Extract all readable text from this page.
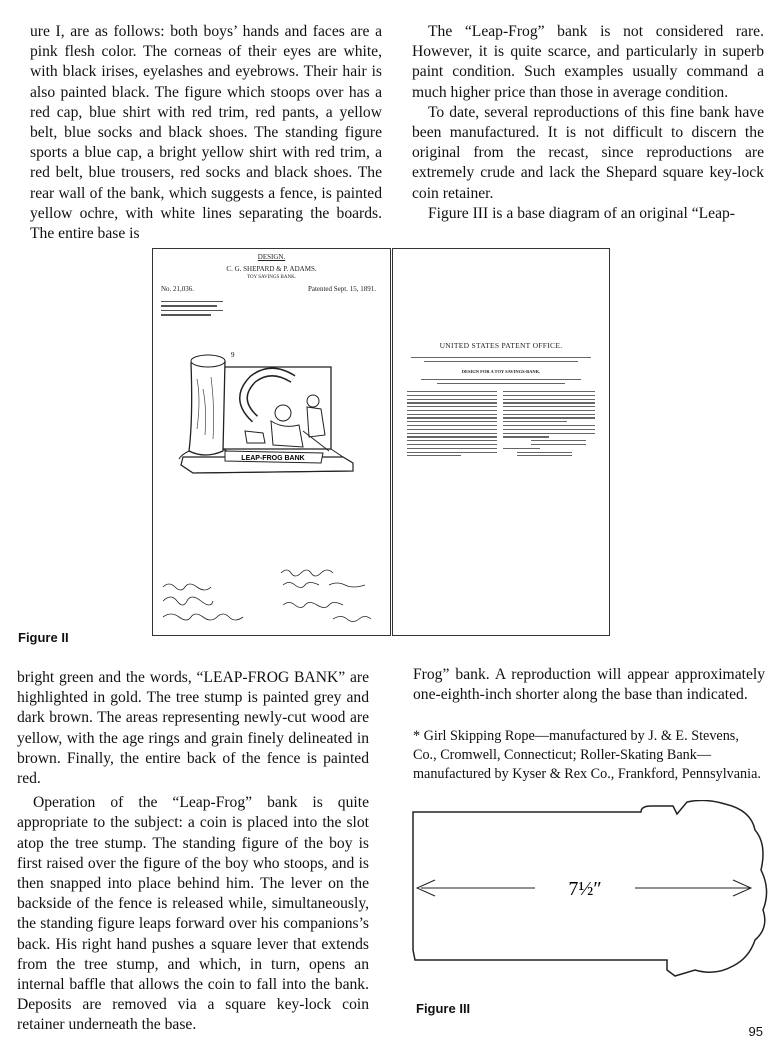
ure I, are as follows: both boys’ hands and faces are a pink flesh color. The corneas of their eyes are white, with black irises, eyelashes and eyebrows. Their hair is also painted black. The figure which stoops over has a red cap, blue shirt with red trim, red pants, a yellow belt, blue socks and black shoes. The standing figure sports a blue cap, a bright yellow shirt with red trim, a red belt, blue trousers, red socks and black shoes. The rear wall of the bank, which suggests a fence, is painted yellow ochre, with white lines separating the boards. The entire base is

The “Leap-Frog” bank is not considered rare. However, it is quite scarce, and particularly in superb paint condition. Such examples usually command a much higher price than those in average condition.

To date, several reproductions of this fine bank have been manufactured. It is not difficult to discern the original from the recast, since reproductions are extremely crude and lack the Shepard square key-lock coin retainer.

Figure III is a base diagram of an original “Leap-

DESIGN.
C. G. SHEPARD & P. ADAMS.
TOY SAVINGS BANK.
No. 21,036.	Patented Sept. 15, 1891.
LEAP-FROG BANK
9
UNITED STATES PATENT OFFICE.
DESIGN FOR A TOY SAVINGS-BANK.
Figure II

bright green and the words, “LEAP-FROG BANK” are highlighted in gold. The tree stump is painted grey and dark brown. The areas representing newly-cut wood are yellow, with the age rings and grain finely delineated in brown. Finally, the entire back of the fence is painted red.

Operation of the “Leap-Frog” bank is quite appropriate to the subject: a coin is placed into the slot atop the tree stump. The standing figure of the boy is first raised over the figure of the boy who stoops, and is then snapped into place behind him. The lever on the backside of the fence is released while, simultaneously, the standing figure leaps forward over his companions’s back. His right hand pushes a square lever that extends from the tree stump, and which, in turn, opens an internal baffle that allows the coin to fall into the bank. Deposits are removed via a square key-lock coin retainer underneath the base.

Frog” bank. A reproduction will appear approximately one-eighth-inch shorter along the base than indicated.

* Girl Skipping Rope—manufactured by J. & E. Stevens, Co., Cromwell, Connecticut; Roller-Skating Bank—manufactured by Kyser & Rex Co., Frankford, Pennsylvania.

7½″
Figure III
95
